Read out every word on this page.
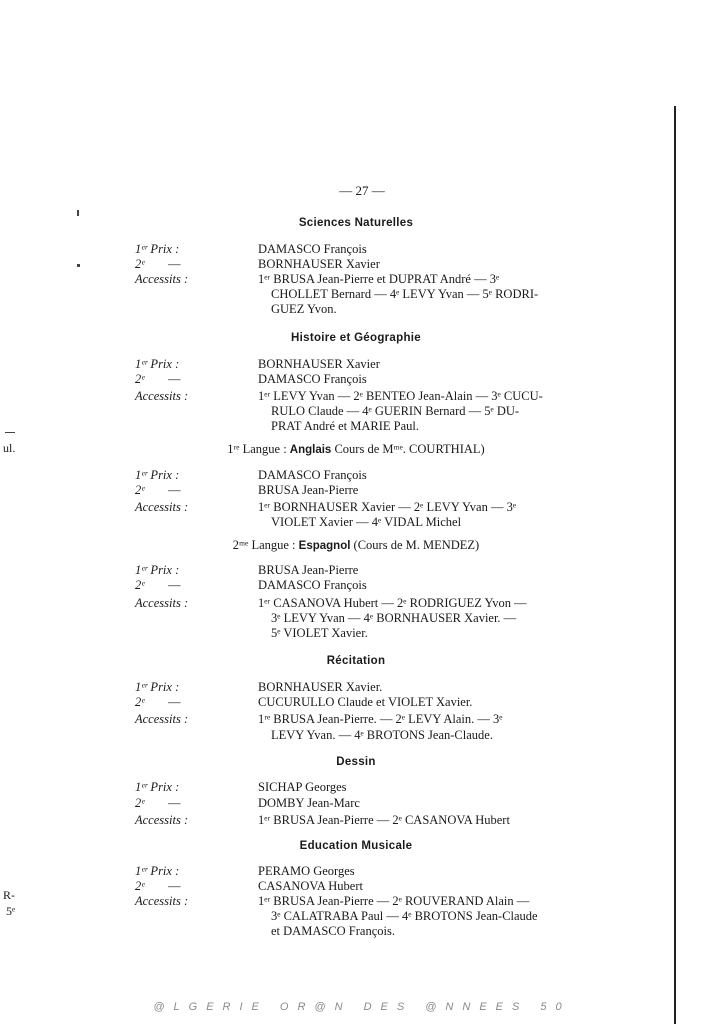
— 27 —
Sciences Naturelles
1ᵉʳ Prix :	DAMASCO François
2ᵉ —	BORNHAUSER Xavier
Accessits :	1ᵉʳ BRUSA Jean-Pierre et DUPRAT André — 3ᵉ
CHOLLET Bernard — 4ᵉ LEVY Yvan — 5ᵉ RODRI-
GUEZ Yvon.
Histoire et Géographie
1ᵉʳ Prix :	BORNHAUSER Xavier
2ᵉ —	DAMASCO François
Accessits :	1ᵉʳ LEVY Yvan — 2ᵉ BENTEO Jean-Alain — 3ᵉ CUCU-
RULO Claude — 4ᵉ GUERIN Bernard — 5ᵉ DU-
PRAT André et MARIE Paul.
1ʳᵉ Langue : Anglais Cours de Mᵐᵉ. COURTHIAL)
1ᵉʳ Prix :	DAMASCO François
2ᵉ —	BRUSA Jean-Pierre
Accessits :	1ᵉʳ BORNHAUSER Xavier — 2ᵉ LEVY Yvan — 3ᵉ
VIOLET Xavier — 4ᵉ VIDAL Michel
2ᵐᵉ Langue : Espagnol (Cours de M. MENDEZ)
1ᵉʳ Prix :	BRUSA Jean-Pierre
2ᵉ —	DAMASCO François
Accessits :	1ᵉʳ CASANOVA Hubert — 2ᵉ RODRIGUEZ Yvon —
3ᵉ LEVY Yvan — 4ᵉ BORNHAUSER Xavier. —
5ᵉ VIOLET Xavier.
Récitation
1ᵉʳ Prix :	BORNHAUSER Xavier.
2ᵉ —	CUCURULLO Claude et VIOLET Xavier.
Accessits :	1ʳᵉ BRUSA Jean-Pierre. — 2ᵉ LEVY Alain. — 3ᵉ
LEVY Yvan. — 4ᵉ BROTONS Jean-Claude.
Dessin
1ᵉʳ Prix :	SICHAP Georges
2ᵉ —	DOMBY Jean-Marc
Accessits :	1ᵉʳ BRUSA Jean-Pierre — 2ᵉ CASANOVA Hubert
Education Musicale
1ᵉʳ Prix :	PERAMO Georges
2ᵉ —	CASANOVA Hubert
Accessits :	1ᵉʳ BRUSA Jean-Pierre — 2ᵉ ROUVERAND Alain —
3ᵉ CALATRABA Paul — 4ᵉ BROTONS Jean-Claude
et DAMASCO François.
ul.
R-
5ᵉ
@LGERIE OR@N DES @NNEES 50
